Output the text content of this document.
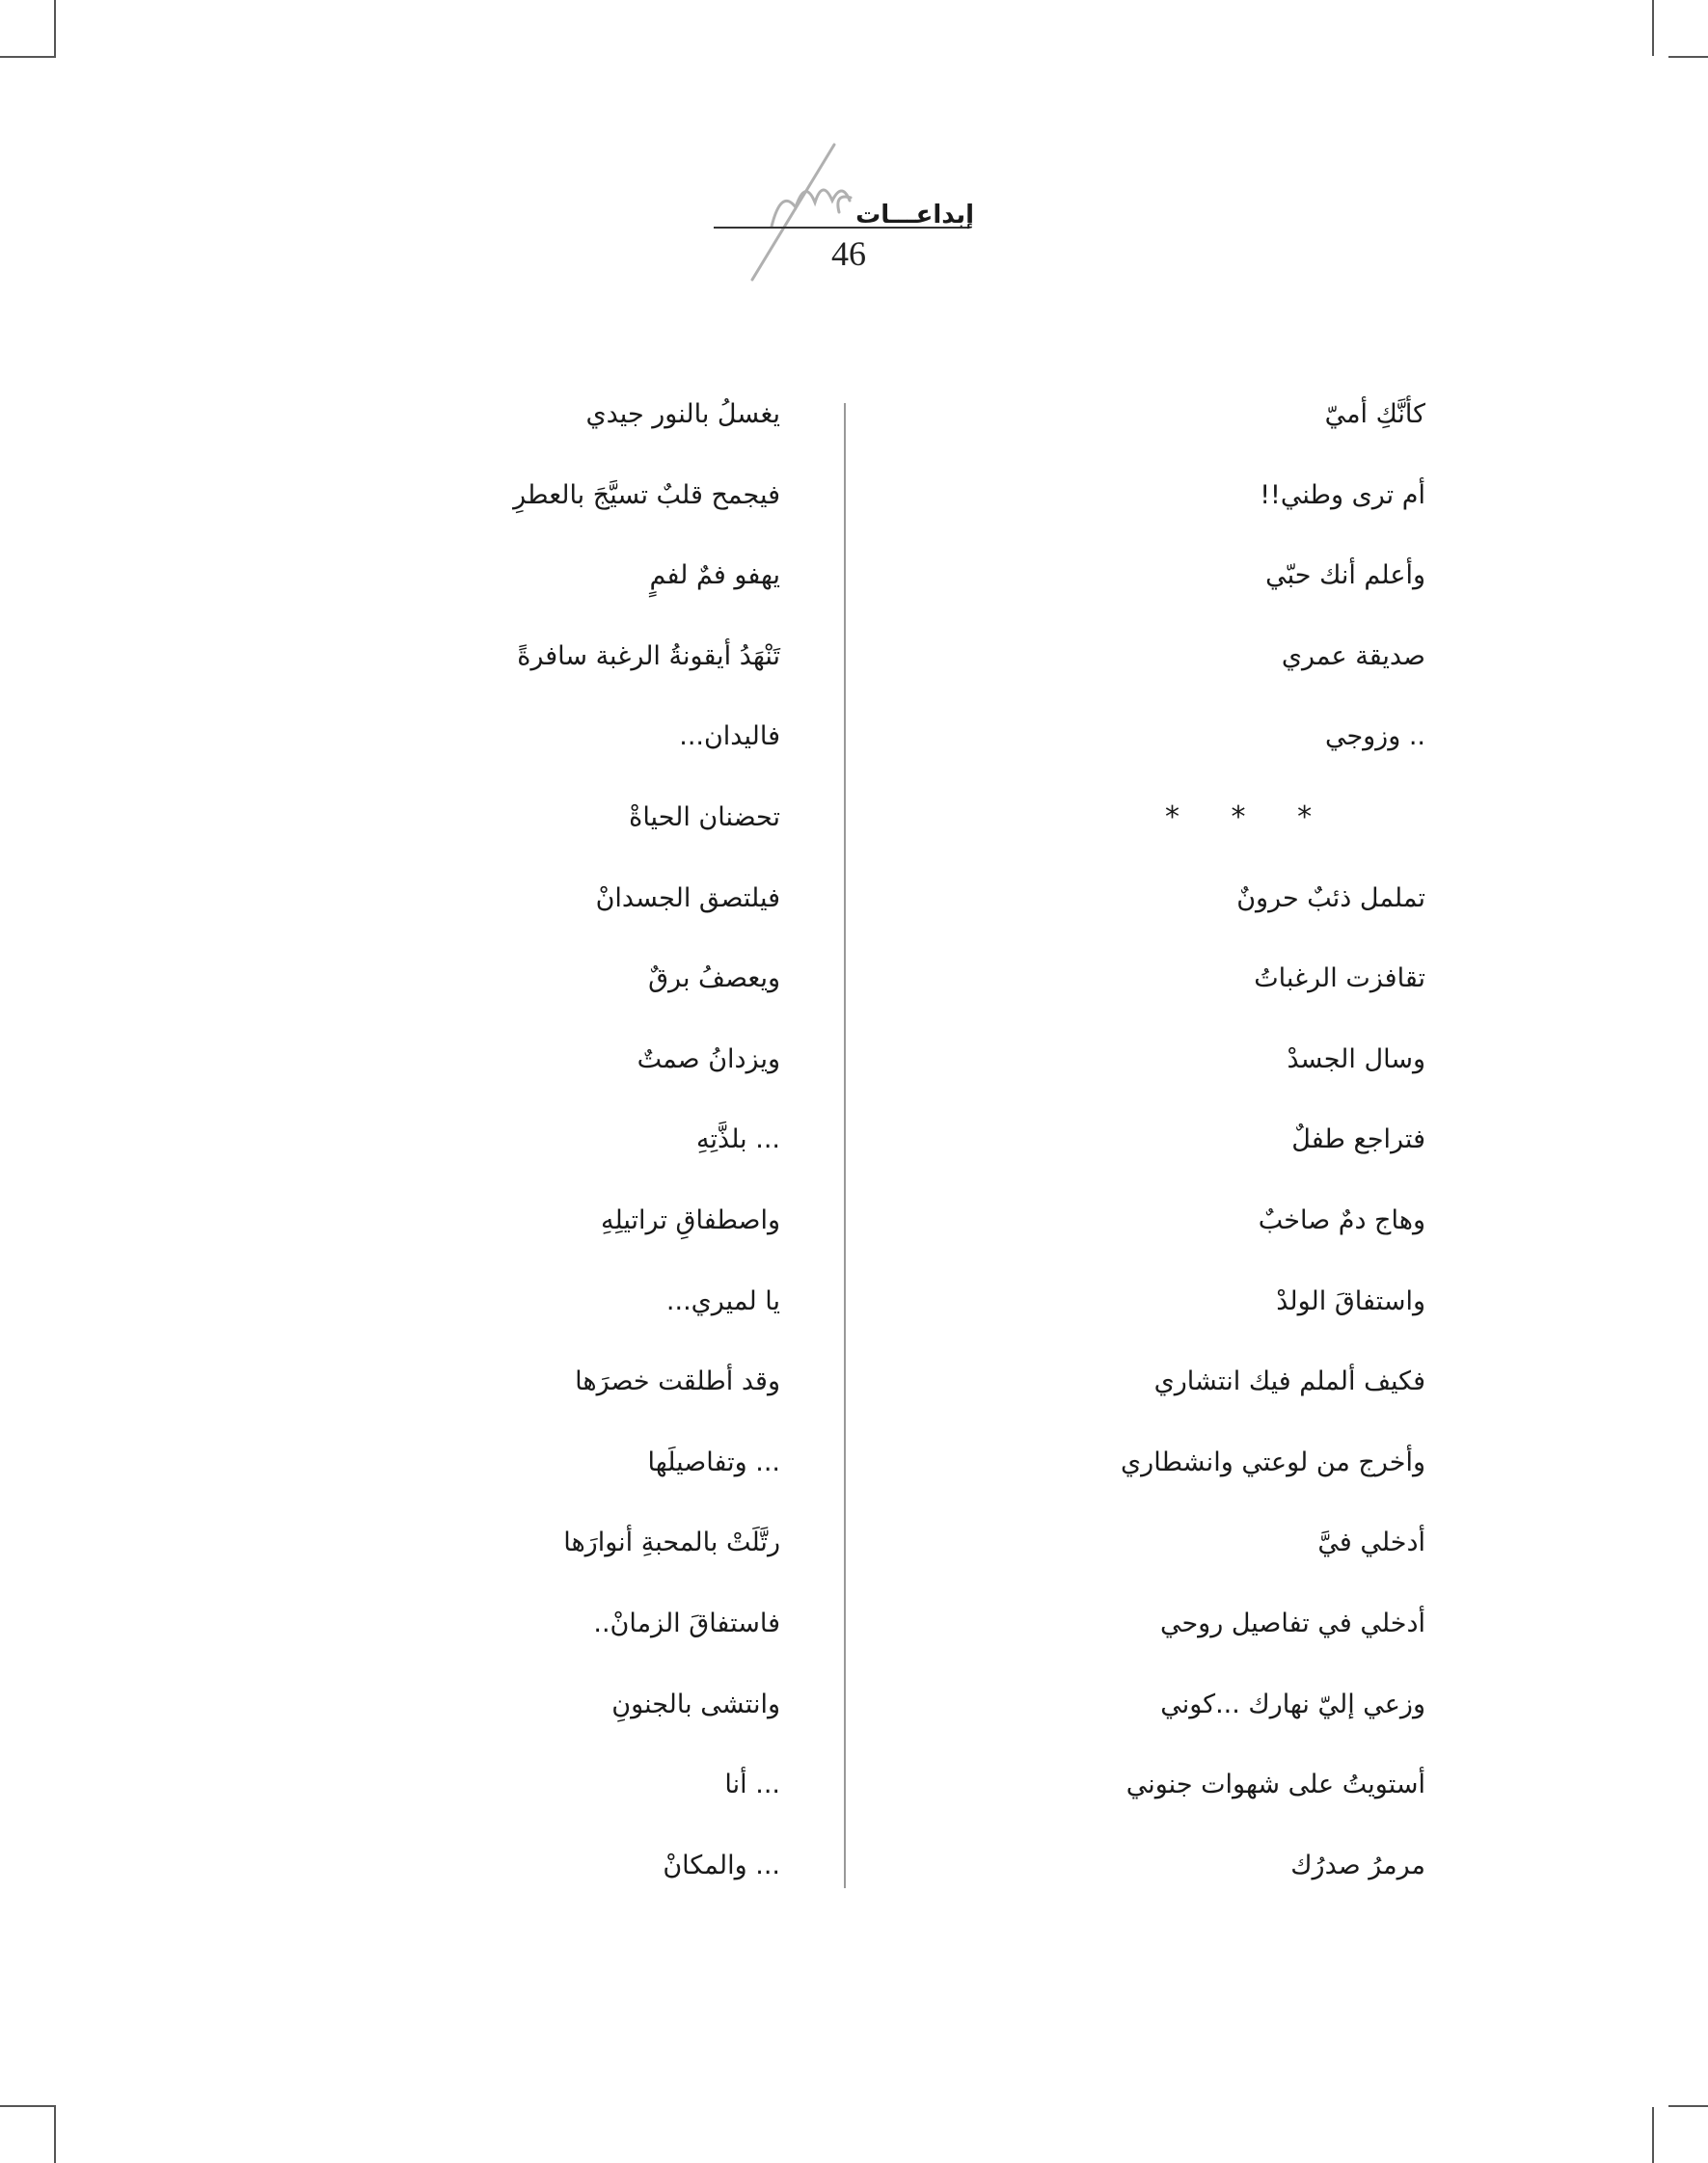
إبداعـــات
46
كأنَّكِ أميّ
أم ترى وطني!!
وأعلم أنك حبّي
صديقة عمري
.. وزوجي
* * *
تململ ذئبٌ حرونٌ
تقافزت الرغباتُ
وسال الجسدْ
فتراجع طفلٌ
وهاج دمٌ صاخبٌ
واستفاقَ الولدْ
فكيف ألملم فيك انتشاري
وأخرج من لوعتي وانشطاري
أدخلي فيَّ
أدخلي في تفاصيل روحي
وزعي إليّ نهارك ...كوني
أستويتُ على شهوات جنوني
مرمرُ صدرُك
يغسلُ بالنور جيدي
فيجمح قلبٌ تسيَّجَ بالعطرِ
يهفو فمٌ لفمٍ
تَنْهَدُ أيقونةُ الرغبة سافرةً
فاليدان...
تحضنان الحياةْ
فيلتصق الجسدانْ
ويعصفُ برقٌ
ويزدانُ صمتٌ
... بلذَّتِهِ
واصطفاقِ تراتيلِهِ
يا لميري...
وقد أطلقت خصرَها
... وتفاصيلَها
رتَّلَتْ بالمحبةِ أنوارَها
فاستفاقَ الزمانْ..
وانتشى بالجنونِ
... أنا
... والمكانْ
